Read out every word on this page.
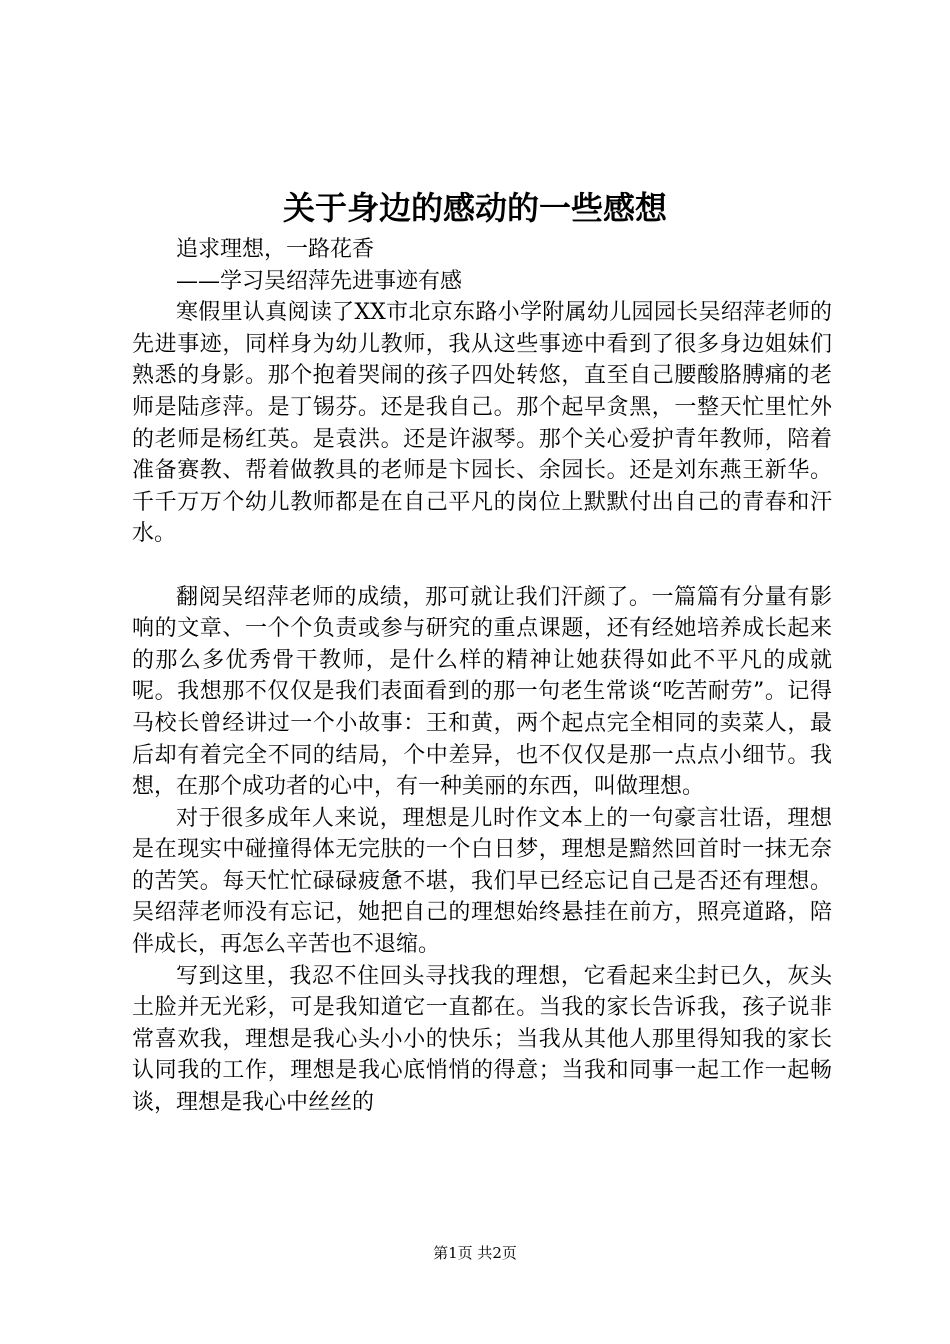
关于身边的感动的一些感想

追求理想，一路花香

——学习吴绍萍先进事迹有感

寒假里认真阅读了XX市北京东路小学附属幼儿园园长吴绍萍老师的先进事迹，同样身为幼儿教师，我从这些事迹中看到了很多身边姐妹们熟悉的身影。那个抱着哭闹的孩子四处转悠，直至自己腰酸胳膊痛的老师是陆彦萍。是丁锡芬。还是我自己。那个起早贪黑，一整天忙里忙外的老师是杨红英。是袁洪。还是许淑琴。那个关心爱护青年教师，陪着准备赛教、帮着做教具的老师是卞园长、余园长。还是刘东燕王新华。千千万万个幼儿教师都是在自己平凡的岗位上默默付出自己的青春和汗水。

翻阅吴绍萍老师的成绩，那可就让我们汗颜了。一篇篇有分量有影响的文章、一个个负责或参与研究的重点课题，还有经她培养成长起来的那么多优秀骨干教师，是什么样的精神让她获得如此不平凡的成就呢。我想那不仅仅是我们表面看到的那一句老生常谈“吃苦耐劳”。记得马校长曾经讲过一个小故事：王和黄，两个起点完全相同的卖菜人，最后却有着完全不同的结局，个中差异，也不仅仅是那一点点小细节。我想，在那个成功者的心中，有一种美丽的东西，叫做理想。

对于很多成年人来说，理想是儿时作文本上的一句豪言壮语，理想是在现实中碰撞得体无完肤的一个白日梦，理想是黯然回首时一抹无奈的苦笑。每天忙忙碌碌疲惫不堪，我们早已经忘记自己是否还有理想。吴绍萍老师没有忘记，她把自己的理想始终悬挂在前方，照亮道路，陪伴成长，再怎么辛苦也不退缩。

写到这里，我忍不住回头寻找我的理想，它看起来尘封已久，灰头土脸并无光彩，可是我知道它一直都在。当我的家长告诉我，孩子说非常喜欢我，理想是我心头小小的快乐；当我从其他人那里得知我的家长认同我的工作，理想是我心底悄悄的得意；当我和同事一起工作一起畅谈，理想是我心中丝丝的

第1页 共2页
